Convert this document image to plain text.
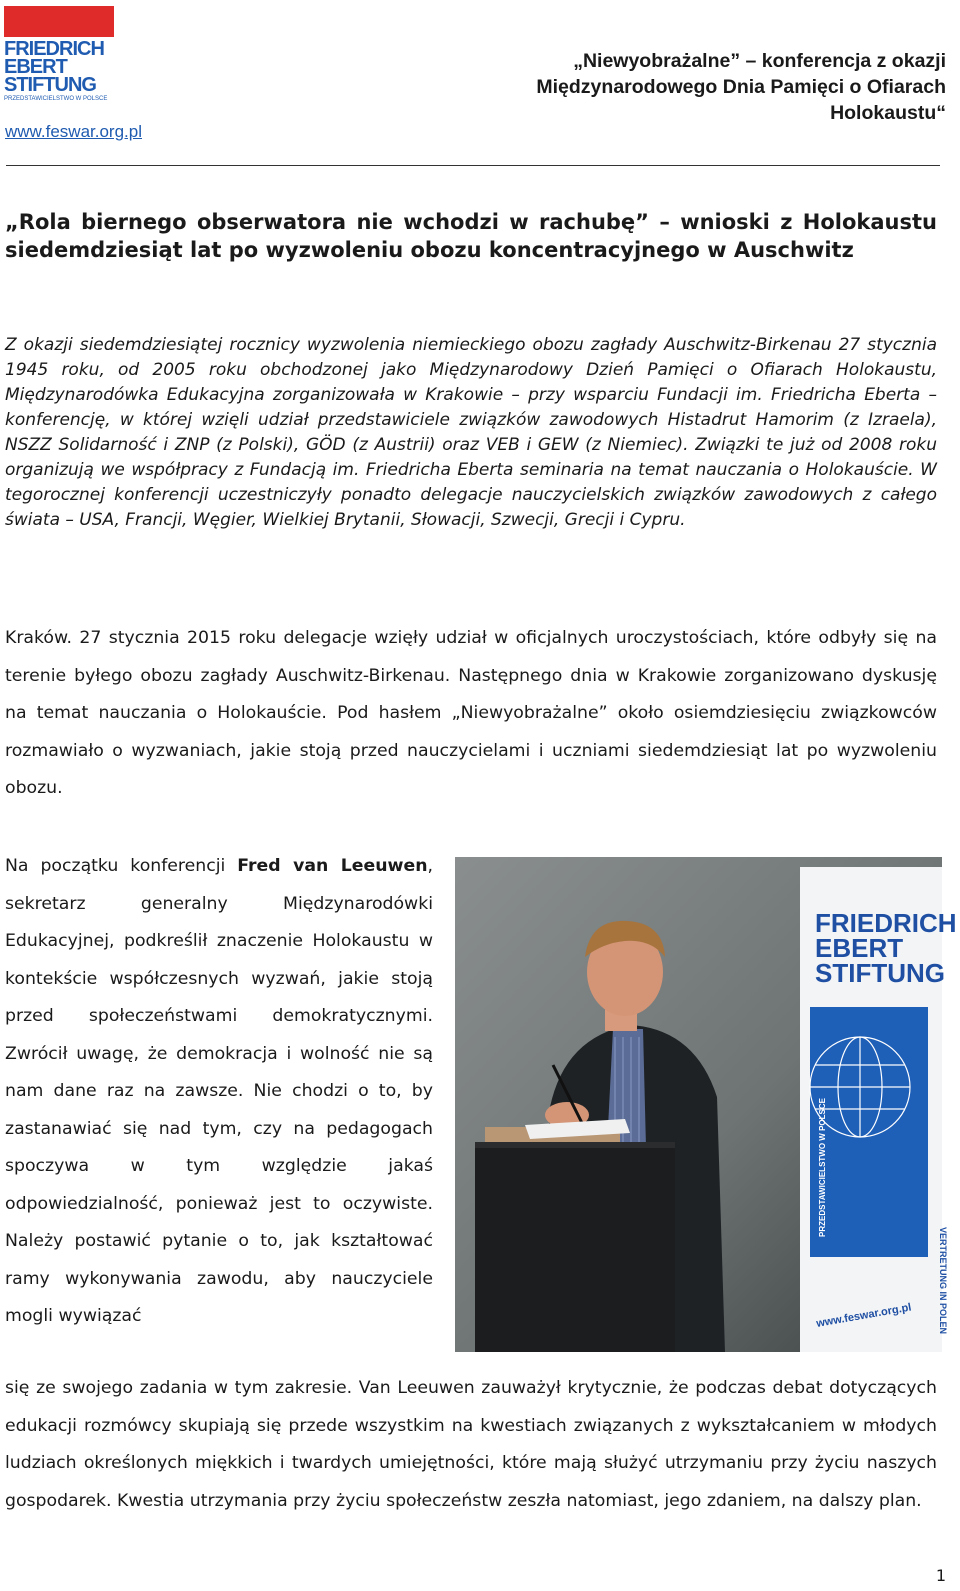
FRIEDRICH
EBERT
STIFTUNG
PRZEDSTAWICIELSTWO W POLSCE
www.feswar.org.pl
„Niewyobrażalne” – konferencja z okazji Międzynarodowego Dnia Pamięci o Ofiarach Holokaustu“
„Rola biernego obserwatora nie wchodzi w rachubę” – wnioski z Holokaustu siedemdziesiąt lat po wyzwoleniu obozu koncentracyjnego w Auschwitz
Z okazji siedemdziesiątej rocznicy wyzwolenia niemieckiego obozu zagłady Auschwitz-Birkenau 27 stycznia 1945 roku, od 2005 roku obchodzonej jako Międzynarodowy Dzień Pamięci o Ofiarach Holokaustu, Międzynarodówka Edukacyjna zorganizowała w Krakowie – przy wsparciu Fundacji im. Friedricha Eberta – konferencję, w której wzięli udział przedstawiciele związków zawodowych Histadrut Hamorim (z Izraela), NSZZ Solidarność i ZNP (z Polski), GÖD (z Austrii) oraz VEB i GEW (z Niemiec). Związki te już od 2008 roku organizują we współpracy z Fundacją im. Friedricha Eberta seminaria na temat nauczania o Holokauście. W tegorocznej konferencji uczestniczyły ponadto delegacje nauczycielskich związków zawodowych z całego świata – USA, Francji, Węgier, Wielkiej Brytanii, Słowacji, Szwecji, Grecji i Cypru.
Kraków. 27 stycznia 2015 roku delegacje wzięły udział w oficjalnych uroczystościach, które odbyły się na terenie byłego obozu zagłady Auschwitz-Birkenau. Następnego dnia w Krakowie zorganizowano dyskusję na temat nauczania o Holokauście. Pod hasłem „Niewyobrażalne” około osiemdziesięciu związkowców rozmawiało o wyzwaniach, jakie stoją przed nauczycielami i uczniami siedemdziesiąt lat po wyzwoleniu obozu.
Na początku konferencji Fred van Leeuwen, sekretarz generalny Międzynarodówki Edukacyjnej, podkreślił znaczenie Holokaustu w kontekście współczesnych wyzwań, jakie stoją przed społeczeństwami demokratycznymi. Zwrócił uwagę, że demokracja i wolność nie są nam dane raz na zawsze. Nie chodzi o to, by zastanawiać się nad tym, czy na pedagogach spoczywa w tym względzie jakaś odpowiedzialność, ponieważ jest to oczywiste. Należy postawić pytanie o to, jak kształtować ramy wykonywania zawodu, aby nauczyciele mogli wywiązać
FRIEDRICH
EBERT
STIFTUNG
PRZEDSTAWICIELSTWO W POLSCE
VERTRETUNG IN POLEN
www.feswar.org.pl
się ze swojego zadania w tym zakresie. Van Leeuwen zauważył krytycznie, że podczas debat dotyczących edukacji rozmówcy skupiają się przede wszystkim na kwestiach związanych z wykształcaniem w młodych ludziach określonych miękkich i twardych umiejętności, które mają służyć utrzymaniu przy życiu naszych gospodarek. Kwestia utrzymania przy życiu społeczeństw zeszła natomiast, jego zdaniem, na dalszy plan.
1
